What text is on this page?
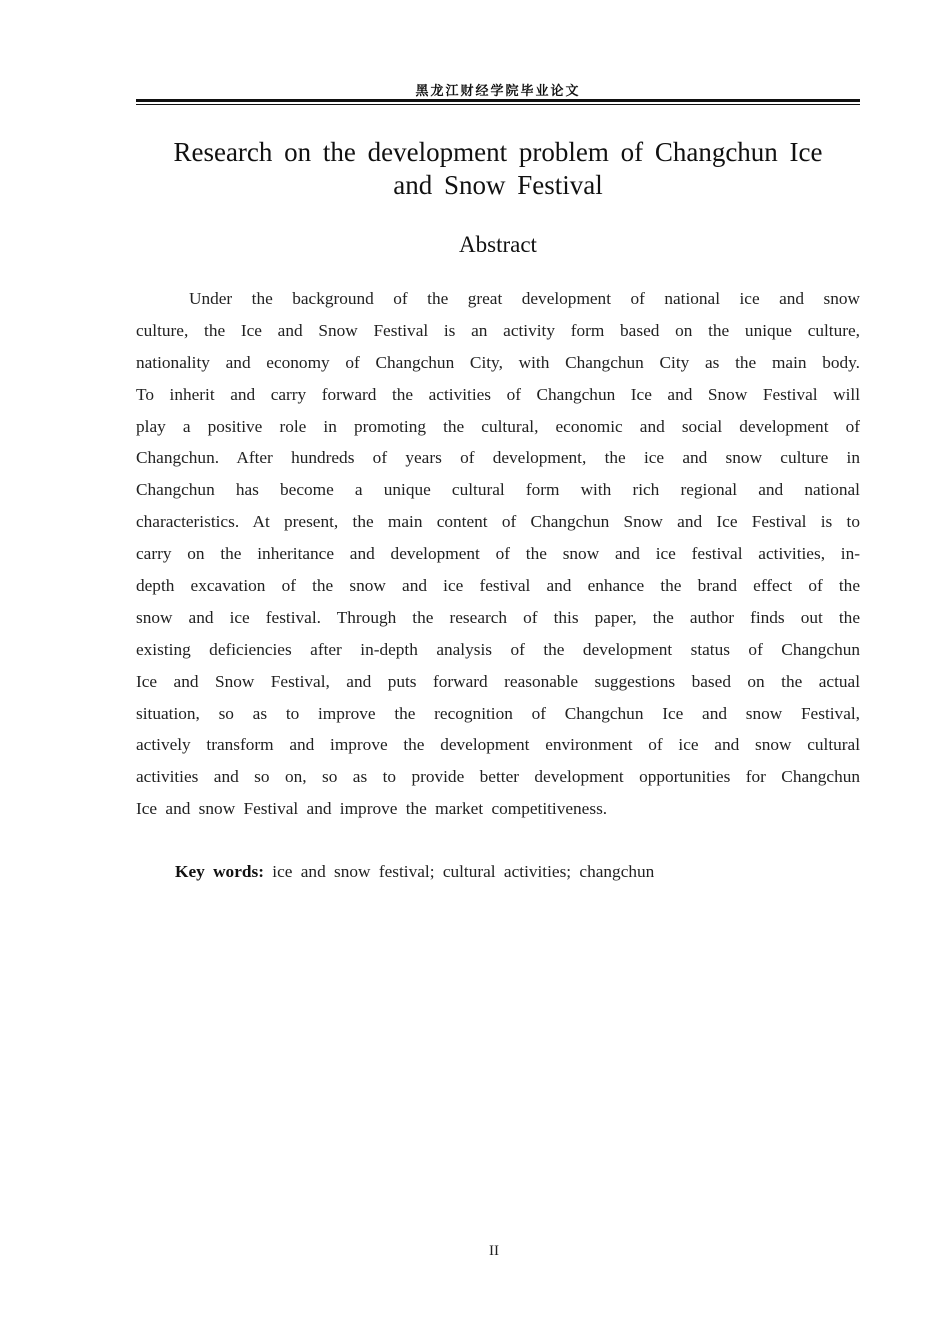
黑龙江财经学院毕业论文
Research on the development problem of Changchun Ice
and Snow Festival
Abstract
Under the background of the great development of national ice and snow
culture, the Ice and Snow Festival is an activity form based on the unique culture,
nationality and economy of Changchun City, with Changchun City as the main body.
To inherit and carry forward the activities of Changchun Ice and Snow Festival will
play a positive role in promoting the cultural, economic and social development of
Changchun. After hundreds of years of development, the ice and snow culture in
Changchun has become a unique cultural form with rich regional and national
characteristics. At present, the main content of Changchun Snow and Ice Festival is to
carry on the inheritance and development of the snow and ice festival activities, in-
depth excavation of the snow and ice festival and enhance the brand effect of the
snow and ice festival. Through the research of this paper, the author finds out the
existing deficiencies after in-depth analysis of the development status of Changchun
Ice and Snow Festival, and puts forward reasonable suggestions based on the actual
situation, so as to improve the recognition of Changchun Ice and snow Festival,
actively transform and improve the development environment of ice and snow cultural
activities and so on, so as to provide better development opportunities for Changchun
Ice and snow Festival and improve the market competitiveness.
Key words: ice and snow festival; cultural activities; changchun
II
